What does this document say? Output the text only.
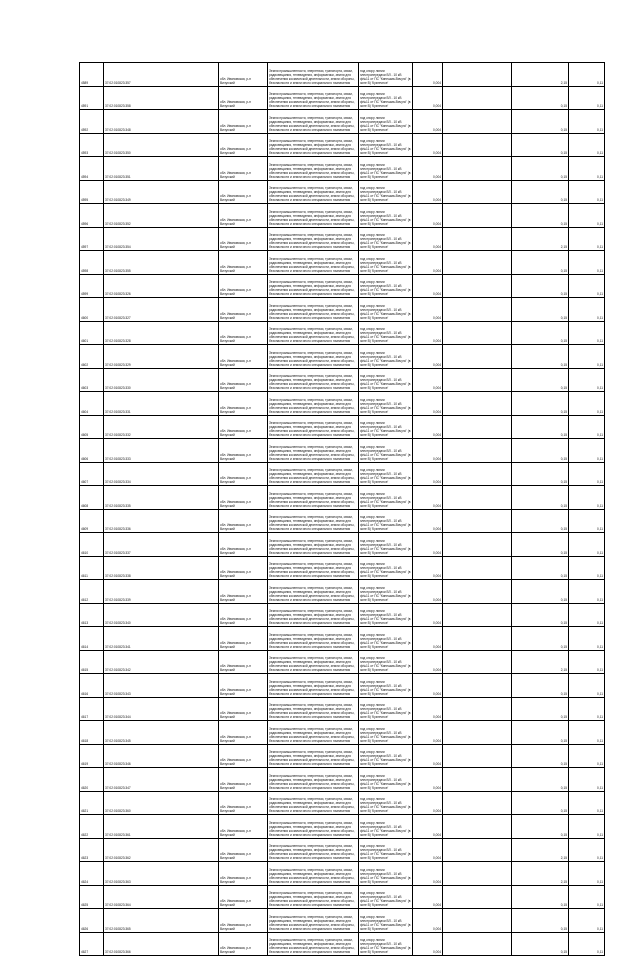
4589	37:02:010823:357	обл. Ивановская, р-н Вичугский	Земли промышленности, энергетики, транспорта, связи, радиовещания, телевидения, информатики, земли для обеспечения космической деятельности, земли обороны, безопасности и земли иного специального назначения	под опору линии электропередачи ВЛ - 10 кВ ф№11 от ПС "Кинешма-Вичуга" (в зоне В) 'Кузнечное'	0,004		2,15	0,11
4591	37:02:010823:358	обл. Ивановская, р-н Вичугский	Земли промышленности, энергетики, транспорта, связи, радиовещания, телевидения, информатики, земли для обеспечения космической деятельности, земли обороны, безопасности и земли иного специального назначения	под опору линии электропередачи ВЛ - 10 кВ ф№11 от ПС "Кинешма-Вичуга" (в зоне В) 'Кузнечное'	0,004		0,15	0,11
4592	37:02:010823:348	обл. Ивановская, р-н Вичугский	Земли промышленности, энергетики, транспорта, связи, радиовещания, телевидения, информатики, земли для обеспечения космической деятельности, земли обороны, безопасности и земли иного специального назначения	под опору линии электропередачи ВЛ - 10 кВ ф№11 от ПС "Кинешма-Вичуга" (в зоне В) 'Кузнечное'	0,004		0,15	0,11
4593	37:02:010823:350	обл. Ивановская, р-н Вичугский	Земли промышленности, энергетики, транспорта, связи, радиовещания, телевидения, информатики, земли для обеспечения космической деятельности, земли обороны, безопасности и земли иного специального назначения	под опору линии электропередачи ВЛ - 10 кВ ф№11 от ПС "Кинешма-Вичуга" (в зоне В) 'Кузнечное'	0,004		0,15	0,11
4594	37:02:010823:351	обл. Ивановская, р-н Вичугский	Земли промышленности, энергетики, транспорта, связи, радиовещания, телевидения, информатики, земли для обеспечения космической деятельности, земли обороны, безопасности и земли иного специального назначения	под опору линии электропередачи ВЛ - 10 кВ ф№11 от ПС "Кинешма-Вичуга" (в зоне В) 'Кузнечное'	0,004		0,15	0,11
4595	37:02:010823:349	обл. Ивановская, р-н Вичугский	Земли промышленности, энергетики, транспорта, связи, радиовещания, телевидения, информатики, земли для обеспечения космической деятельности, земли обороны, безопасности и земли иного специального назначения	под опору линии электропередачи ВЛ - 10 кВ ф№11 от ПС "Кинешма-Вичуга" (в зоне В) 'Кузнечное'	0,004		0,15	0,11
4596	37:02:010823:352	обл. Ивановская, р-н Вичугский	Земли промышленности, энергетики, транспорта, связи, радиовещания, телевидения, информатики, земли для обеспечения космической деятельности, земли обороны, безопасности и земли иного специального назначения	под опору линии электропередачи ВЛ - 10 кВ ф№11 от ПС "Кинешма-Вичуга" (в зоне В) 'Кузнечное'	0,004		0,15	0,11
4597	37:02:010823:354	обл. Ивановская, р-н Вичугский	Земли промышленности, энергетики, транспорта, связи, радиовещания, телевидения, информатики, земли для обеспечения космической деятельности, земли обороны, безопасности и земли иного специального назначения	под опору линии электропередачи ВЛ - 10 кВ ф№11 от ПС "Кинешма-Вичуга" (в зоне В) 'Кузнечное'	0,004		2,15	0,11
4598	37:02:010823:355	обл. Ивановская, р-н Вичугский	Земли промышленности, энергетики, транспорта, связи, радиовещания, телевидения, информатики, земли для обеспечения космической деятельности, земли обороны, безопасности и земли иного специального назначения	под опору линии электропередачи ВЛ - 10 кВ ф№11 от ПС "Кинешма-Вичуга" (в зоне В) 'Кузнечное'	0,004		0,15	0,11
4599	37:02:010823:326	обл. Ивановская, р-н Вичугский	Земли промышленности, энергетики, транспорта, связи, радиовещания, телевидения, информатики, земли для обеспечения космической деятельности, земли обороны, безопасности и земли иного специального назначения	под опору линии электропередачи ВЛ - 10 кВ ф№11 от ПС "Кинешма-Вичуга" (в зоне В) 'Кузнечное'	0,004		0,15	0,11
4600	37:02:010823:327	обл. Ивановская, р-н Вичугский	Земли промышленности, энергетики, транспорта, связи, радиовещания, телевидения, информатики, земли для обеспечения космической деятельности, земли обороны, безопасности и земли иного специального назначения	под опору линии электропередачи ВЛ - 10 кВ ф№11 от ПС "Кинешма-Вичуга" (в зоне В) 'Кузнечное'	0,004		0,15	0,11
4601	37:02:010823:328	обл. Ивановская, р-н Вичугский	Земли промышленности, энергетики, транспорта, связи, радиовещания, телевидения, информатики, земли для обеспечения космической деятельности, земли обороны, безопасности и земли иного специального назначения	под опору линии электропередачи ВЛ - 10 кВ ф№11 от ПС "Кинешма-Вичуга" (в зоне В) 'Кузнечное'	0,004		0,15	0,11
4602	37:02:010823:329	обл. Ивановская, р-н Вичугский	Земли промышленности, энергетики, транспорта, связи, радиовещания, телевидения, информатики, земли для обеспечения космической деятельности, земли обороны, безопасности и земли иного специального назначения	под опору линии электропередачи ВЛ - 10 кВ ф№11 от ПС "Кинешма-Вичуга" (в зоне В) 'Кузнечное'	0,004		0,15	0,11
4603	37:02:010823:330	обл. Ивановская, р-н Вичугский	Земли промышленности, энергетики, транспорта, связи, радиовещания, телевидения, информатики, земли для обеспечения космической деятельности, земли обороны, безопасности и земли иного специального назначения	под опору линии электропередачи ВЛ - 10 кВ ф№11 от ПС "Кинешма-Вичуга" (в зоне В) 'Кузнечное'	0,004		0,15	0,11
4604	37:02:010823:331	обл. Ивановская, р-н Вичугский	Земли промышленности, энергетики, транспорта, связи, радиовещания, телевидения, информатики, земли для обеспечения космической деятельности, земли обороны, безопасности и земли иного специального назначения	под опору линии электропередачи ВЛ - 10 кВ ф№11 от ПС "Кинешма-Вичуга" (в зоне В) 'Кузнечное'	0,004		0,15	0,11
4605	37:02:010823:332	обл. Ивановская, р-н Вичугский	Земли промышленности, энергетики, транспорта, связи, радиовещания, телевидения, информатики, земли для обеспечения космической деятельности, земли обороны, безопасности и земли иного специального назначения	под опору линии электропередачи ВЛ - 10 кВ ф№11 от ПС "Кинешма-Вичуга" (в зоне В) 'Кузнечное'	0,004		0,15	0,11
4606	37:02:010823:333	обл. Ивановская, р-н Вичугский	Земли промышленности, энергетики, транспорта, связи, радиовещания, телевидения, информатики, земли для обеспечения космической деятельности, земли обороны, безопасности и земли иного специального назначения	под опору линии электропередачи ВЛ - 10 кВ ф№11 от ПС "Кинешма-Вичуга" (в зоне В) 'Кузнечное'	0,004		0,15	0,11
4607	37:02:010823:334	обл. Ивановская, р-н Вичугский	Земли промышленности, энергетики, транспорта, связи, радиовещания, телевидения, информатики, земли для обеспечения космической деятельности, земли обороны, безопасности и земли иного специального назначения	под опору линии электропередачи ВЛ - 10 кВ ф№11 от ПС "Кинешма-Вичуга" (в зоне В) 'Кузнечное'	0,004		0,15	0,11
4608	37:02:010823:335	обл. Ивановская, р-н Вичугский	Земли промышленности, энергетики, транспорта, связи, радиовещания, телевидения, информатики, земли для обеспечения космической деятельности, земли обороны, безопасности и земли иного специального назначения	под опору линии электропередачи ВЛ - 10 кВ ф№11 от ПС "Кинешма-Вичуга" (в зоне В) 'Кузнечное'	0,004		0,15	0,11
4609	37:02:010823:336	обл. Ивановская, р-н Вичугский	Земли промышленности, энергетики, транспорта, связи, радиовещания, телевидения, информатики, земли для обеспечения космической деятельности, земли обороны, безопасности и земли иного специального назначения	под опору линии электропередачи ВЛ - 10 кВ ф№11 от ПС "Кинешма-Вичуга" (в зоне В) 'Кузнечное'	0,004		0,15	0,11
4610	37:02:010823:337	обл. Ивановская, р-н Вичугский	Земли промышленности, энергетики, транспорта, связи, радиовещания, телевидения, информатики, земли для обеспечения космической деятельности, земли обороны, безопасности и земли иного специального назначения	под опору линии электропередачи ВЛ - 10 кВ ф№11 от ПС "Кинешма-Вичуга" (в зоне В) 'Кузнечное'	0,004		0,15	0,11
4611	37:02:010823:338	обл. Ивановская, р-н Вичугский	Земли промышленности, энергетики, транспорта, связи, радиовещания, телевидения, информатики, земли для обеспечения космической деятельности, земли обороны, безопасности и земли иного специального назначения	под опору линии электропередачи ВЛ - 10 кВ ф№11 от ПС "Кинешма-Вичуга" (в зоне В) 'Кузнечное'	0,004		0,15	0,11
4612	37:02:010823:339	обл. Ивановская, р-н Вичугский	Земли промышленности, энергетики, транспорта, связи, радиовещания, телевидения, информатики, земли для обеспечения космической деятельности, земли обороны, безопасности и земли иного специального назначения	под опору линии электропередачи ВЛ - 10 кВ ф№11 от ПС "Кинешма-Вичуга" (в зоне В) 'Кузнечное'	0,004		0,15	0,11
4613	37:02:010823:340	обл. Ивановская, р-н Вичугский	Земли промышленности, энергетики, транспорта, связи, радиовещания, телевидения, информатики, земли для обеспечения космической деятельности, земли обороны, безопасности и земли иного специального назначения	под опору линии электропередачи ВЛ - 10 кВ ф№11 от ПС "Кинешма-Вичуга" (в зоне В) 'Кузнечное'	0,004		0,15	0,11
4614	37:02:010823:341	обл. Ивановская, р-н Вичугский	Земли промышленности, энергетики, транспорта, связи, радиовещания, телевидения, информатики, земли для обеспечения космической деятельности, земли обороны, безопасности и земли иного специального назначения	под опору линии электропередачи ВЛ - 10 кВ ф№11 от ПС "Кинешма-Вичуга" (в зоне В) 'Кузнечное'	0,004		0,15	0,11
4615	37:02:010823:342	обл. Ивановская, р-н Вичугский	Земли промышленности, энергетики, транспорта, связи, радиовещания, телевидения, информатики, земли для обеспечения космической деятельности, земли обороны, безопасности и земли иного специального назначения	под опору линии электропередачи ВЛ - 10 кВ ф№11 от ПС "Кинешма-Вичуга" (в зоне В) 'Кузнечное'	0,004		2,15	0,11
4616	37:02:010823:343	обл. Ивановская, р-н Вичугский	Земли промышленности, энергетики, транспорта, связи, радиовещания, телевидения, информатики, земли для обеспечения космической деятельности, земли обороны, безопасности и земли иного специального назначения	под опору линии электропередачи ВЛ - 10 кВ ф№11 от ПС "Кинешма-Вичуга" (в зоне В) 'Кузнечное'	0,004		0,15	0,11
4617	37:02:010823:344	обл. Ивановская, р-н Вичугский	Земли промышленности, энергетики, транспорта, связи, радиовещания, телевидения, информатики, земли для обеспечения космической деятельности, земли обороны, безопасности и земли иного специального назначения	под опору линии электропередачи ВЛ - 10 кВ ф№11 от ПС "Кинешма-Вичуга" (в зоне В) 'Кузнечное'	0,004		0,15	0,11
4618	37:02:010823:345	обл. Ивановская, р-н Вичугский	Земли промышленности, энергетики, транспорта, связи, радиовещания, телевидения, информатики, земли для обеспечения космической деятельности, земли обороны, безопасности и земли иного специального назначения	под опору линии электропередачи ВЛ - 10 кВ ф№11 от ПС "Кинешма-Вичуга" (в зоне В) 'Кузнечное'	0,004		0,15	0,11
4619	37:02:010823:346	обл. Ивановская, р-н Вичугский	Земли промышленности, энергетики, транспорта, связи, радиовещания, телевидения, информатики, земли для обеспечения космической деятельности, земли обороны, безопасности и земли иного специального назначения	под опору линии электропередачи ВЛ - 10 кВ ф№11 от ПС "Кинешма-Вичуга" (в зоне В) 'Кузнечное'	0,004		0,15	0,11
4620	37:02:010823:347	обл. Ивановская, р-н Вичугский	Земли промышленности, энергетики, транспорта, связи, радиовещания, телевидения, информатики, земли для обеспечения космической деятельности, земли обороны, безопасности и земли иного специального назначения	под опору линии электропередачи ВЛ - 10 кВ ф№11 от ПС "Кинешма-Вичуга" (в зоне В) 'Кузнечное'	0,004		0,15	0,11
4621	37:02:010823:360	обл. Ивановская, р-н Вичугский	Земли промышленности, энергетики, транспорта, связи, радиовещания, телевидения, информатики, земли для обеспечения космической деятельности, земли обороны, безопасности и земли иного специального назначения	под опору линии электропередачи ВЛ - 10 кВ ф№11 от ПС "Кинешма-Вичуга" (в зоне В) 'Кузнечное'	0,004		0,15	0,11
4622	37:02:010823:361	обл. Ивановская, р-н Вичугский	Земли промышленности, энергетики, транспорта, связи, радиовещания, телевидения, информатики, земли для обеспечения космической деятельности, земли обороны, безопасности и земли иного специального назначения	под опору линии электропередачи ВЛ - 10 кВ ф№11 от ПС "Кинешма-Вичуга" (в зоне В) 'Кузнечное'	0,004		0,15	0,11
4623	37:02:010823:362	обл. Ивановская, р-н Вичугский	Земли промышленности, энергетики, транспорта, связи, радиовещания, телевидения, информатики, земли для обеспечения космической деятельности, земли обороны, безопасности и земли иного специального назначения	под опору линии электропередачи ВЛ - 10 кВ ф№11 от ПС "Кинешма-Вичуга" (в зоне В) 'Кузнечное'	0,004		2,15	0,11
4624	37:02:010823:363	обл. Ивановская, р-н Вичугский	Земли промышленности, энергетики, транспорта, связи, радиовещания, телевидения, информатики, земли для обеспечения космической деятельности, земли обороны, безопасности и земли иного специального назначения	под опору линии электропередачи ВЛ - 10 кВ ф№11 от ПС "Кинешма-Вичуга" (в зоне В) 'Кузнечное'	0,004		2,15	0,11
4625	37:02:010823:364	обл. Ивановская, р-н Вичугский	Земли промышленности, энергетики, транспорта, связи, радиовещания, телевидения, информатики, земли для обеспечения космической деятельности, земли обороны, безопасности и земли иного специального назначения	под опору линии электропередачи ВЛ - 10 кВ ф№11 от ПС "Кинешма-Вичуга" (в зоне В) 'Кузнечное'	0,004		0,15	0,11
4626	37:02:010823:365	обл. Ивановская, р-н Вичугский	Земли промышленности, энергетики, транспорта, связи, радиовещания, телевидения, информатики, земли для обеспечения космической деятельности, земли обороны, безопасности и земли иного специального назначения	под опору линии электропередачи ВЛ - 10 кВ ф№11 от ПС "Кинешма-Вичуга" (в зоне В) 'Кузнечное'	0,004		0,15	0,11
4627	37:02:010823:366	обл. Ивановская, р-н Вичугский	Земли промышленности, энергетики, транспорта, связи, радиовещания, телевидения, информатики, земли для обеспечения космической деятельности, земли обороны, безопасности и земли иного специального назначения	под опору линии электропередачи ВЛ - 10 кВ ф№11 от ПС "Кинешма-Вичуга" (в зоне В) 'Кузнечное'	0,004		0,15	0,11
